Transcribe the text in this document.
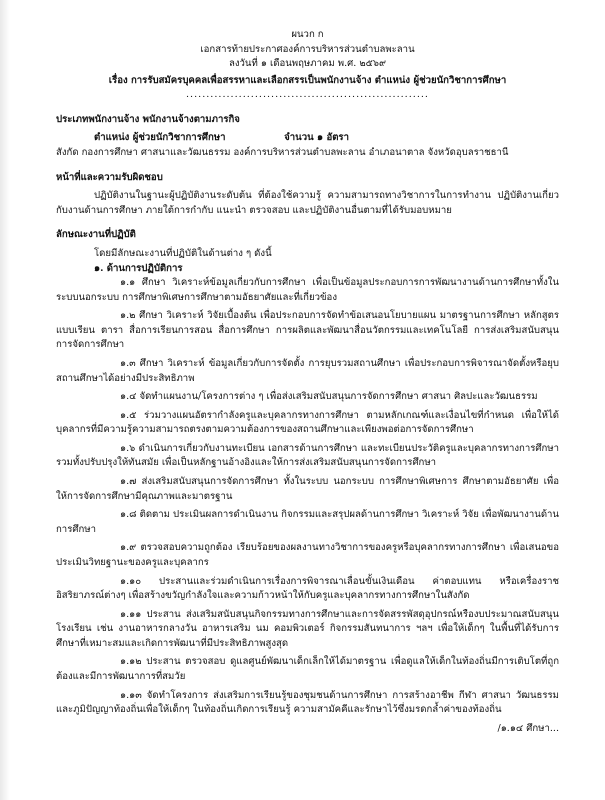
ผนวก ก

เอกสารท้ายประกาศองค์การบริหารส่วนตำบลพะลาน

ลงวันที่ ๑ เดือนพฤษภาคม พ.ศ. ๒๕๖๙

เรื่อง การรับสมัครบุคคลเพื่อสรรหาและเลือกสรรเป็นพนักงานจ้าง ตำแหน่ง ผู้ช่วยนักวิชาการศึกษา

............................................................

ประเภทพนักงานจ้าง พนักงานจ้างตามภารกิจ

ตำแหน่ง ผู้ช่วยนักวิชาการศึกษา	จำนวน ๑ อัตรา

สังกัด กองการศึกษา ศาสนาและวัฒนธรรม องค์การบริหารส่วนตำบลพะลาน อำเภอนาตาล จังหวัดอุบลราชธานี

หน้าที่และความรับผิดชอบ

ปฏิบัติงานในฐานะผู้ปฏิบัติงานระดับต้น ที่ต้องใช้ความรู้ ความสามารถทางวิชาการในการทำงาน ปฏิบัติงานเกี่ยวกับงานด้านการศึกษา ภายใต้การกำกับ แนะนำ ตรวจสอบ และปฏิบัติงานอื่นตามที่ได้รับมอบหมาย

ลักษณะงานที่ปฏิบัติ

โดยมีลักษณะงานที่ปฏิบัติในด้านต่าง ๆ ดังนี้

๑. ด้านการปฏิบัติการ

๑.๑ ศึกษา วิเคราะห์ข้อมูลเกี่ยวกับการศึกษา เพื่อเป็นข้อมูลประกอบการการพัฒนางานด้านการศึกษาทั้งในระบบนอกระบบ การศึกษาพิเศษการศึกษาตามอัธยาศัยและที่เกี่ยวข้อง

๑.๒ ศึกษา วิเคราะห์ วิจัยเบื้องต้น เพื่อประกอบการจัดทำข้อเสนอนโยบายแผน มาตรฐานการศึกษา หลักสูตร แบบเรียน ตารา สื่อการเรียนการสอน สื่อการศึกษา การผลิตและพัฒนาสื่อนวัตกรรมและเทคโนโลยี การส่งเสริมสนับสนุนการจัดการศึกษา

๑.๓ ศึกษา วิเคราะห์ ข้อมูลเกี่ยวกับการจัดตั้ง การยุบรวมสถานศึกษา เพื่อประกอบการพิจารณาจัดตั้งหรือยุบสถานศึกษาได้อย่างมีประสิทธิภาพ

๑.๔ จัดทำแผนงาน/โครงการต่าง ๆ เพื่อส่งเสริมสนับสนุนการจัดการศึกษา ศาสนา ศิลปะและวัฒนธรรม

๑.๕ ร่วมวางแผนอัตรากำลังครูและบุคลากรทางการศึกษา ตามหลักเกณฑ์และเงื่อนไขที่กำหนด เพื่อให้ได้บุคลากรที่มีความรู้ความสามารถตรงตามความต้องการของสถานศึกษาและเพียงพอต่อการจัดการศึกษา

๑.๖ ดำเนินการเกี่ยวกับงานทะเบียน เอกสารด้านการศึกษา และทะเบียนประวัติครูและบุคลากรทางการศึกษา รวมทั้งปรับปรุงให้ทันสมัย เพื่อเป็นหลักฐานอ้างอิงและให้การส่งเสริมสนับสนุนการจัดการศึกษา

๑.๗ ส่งเสริมสนับสนุนการจัดการศึกษา ทั้งในระบบ นอกระบบ การศึกษาพิเศษการ ศึกษาตามอัธยาศัย เพื่อให้การจัดการศึกษามีคุณภาพและมาตรฐาน

๑.๘ ติดตาม ประเมินผลการดำเนินงาน กิจกรรมและสรุปผลด้านการศึกษา วิเคราะห์ วิจัย เพื่อพัฒนางานด้านการศึกษา

๑.๙ ตรวจสอบความถูกต้อง เรียบร้อยของผลงานทางวิชาการของครูหรือบุคลากรทางการศึกษา เพื่อเสนอขอประเมินวิทยฐานะของครูและบุคลากร

๑.๑๐ ประสานและร่วมดำเนินการเรื่องการพิจารณาเลื่อนขั้นเงินเดือน ค่าตอบแทน หรือเครื่องราชอิสริยาภรณ์ต่างๆ เพื่อสร้างขวัญกำลังใจและความก้าวหน้าให้กับครูและบุคลากรทางการศึกษาในสังกัด

๑.๑๑ ประสาน ส่งเสริมสนับสนุนกิจกรรมทางการศึกษาและการจัดสรรพัสดุอุปกรณ์หรืองบประมาณสนับสนุนโรงเรียน เช่น งานอาหารกลางวัน อาหารเสริม นม คอมพิวเตอร์ กิจกรรมสันทนาการ ฯลฯ เพื่อให้เด็กๆ ในพื้นที่ได้รับการศึกษาที่เหมาะสมและเกิดการพัฒนาที่มีประสิทธิภาพสูงสุด

๑.๑๒ ประสาน ตรวจสอบ ดูแลศูนย์พัฒนาเด็กเล็กให้ได้มาตรฐาน เพื่อดูแลให้เด็กในท้องถิ่นมีการเติบโตที่ถูกต้องและมีการพัฒนาการที่สมวัย

๑.๑๓ จัดทำโครงการ ส่งเสริมการเรียนรู้ของชุมชนด้านการศึกษา การสร้างอาชีพ กีฬา ศาสนา วัฒนธรรม และภูมิปัญญาท้องถิ่นเพื่อให้เด็กๆ ในท้องถิ่นเกิดการเรียนรู้ ความสามัคคีและรักษาไว้ซึ่งมรดกล้ำค่าของท้องถิ่น

/๑.๑๔ ศึกษา...
